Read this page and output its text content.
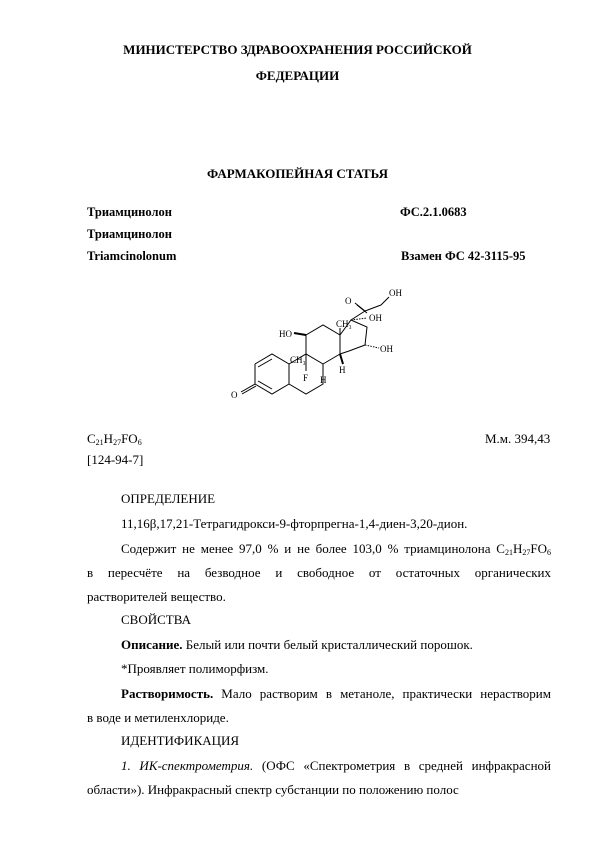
МИНИСТЕРСТВО ЗДРАВООХРАНЕНИЯ РОССИЙСКОЙ
ФЕДЕРАЦИИ
ФАРМАКОПЕЙНАЯ СТАТЬЯ
Триамцинолон	ФС.2.1.0683
Триамцинолон
Triamcinolonum	Взамен ФС 42-3115-95
OH
O
CH₃
OH
HO
OH
CH₃
H
F
H
O
$C_{21}H_{27}FO_6$	М.м. 394,43
[124-94-7]
ОПРЕДЕЛЕНИЕ
11,16β,17,21-Тетрагидрокси-9-фторпрегна-1,4-диен-3,20-дион.
Содержит не менее 97,0 % и не более 103,0 % триамцинолона $C_{21}H_{27}FO_6$
в пересчёте на безводное и свободное от остаточных органических
растворителей вещество.
СВОЙСТВА
Описание. Белый или почти белый кристаллический порошок.
*Проявляет полиморфизм.
Растворимость. Мало растворим в метаноле, практически нерастворим
в воде и метиленхлориде.
ИДЕНТИФИКАЦИЯ
1. ИК-спектрометрия. (ОФС «Спектрометрия в средней инфракрасной
области»). Инфракрасный спектр субстанции по положению полос
